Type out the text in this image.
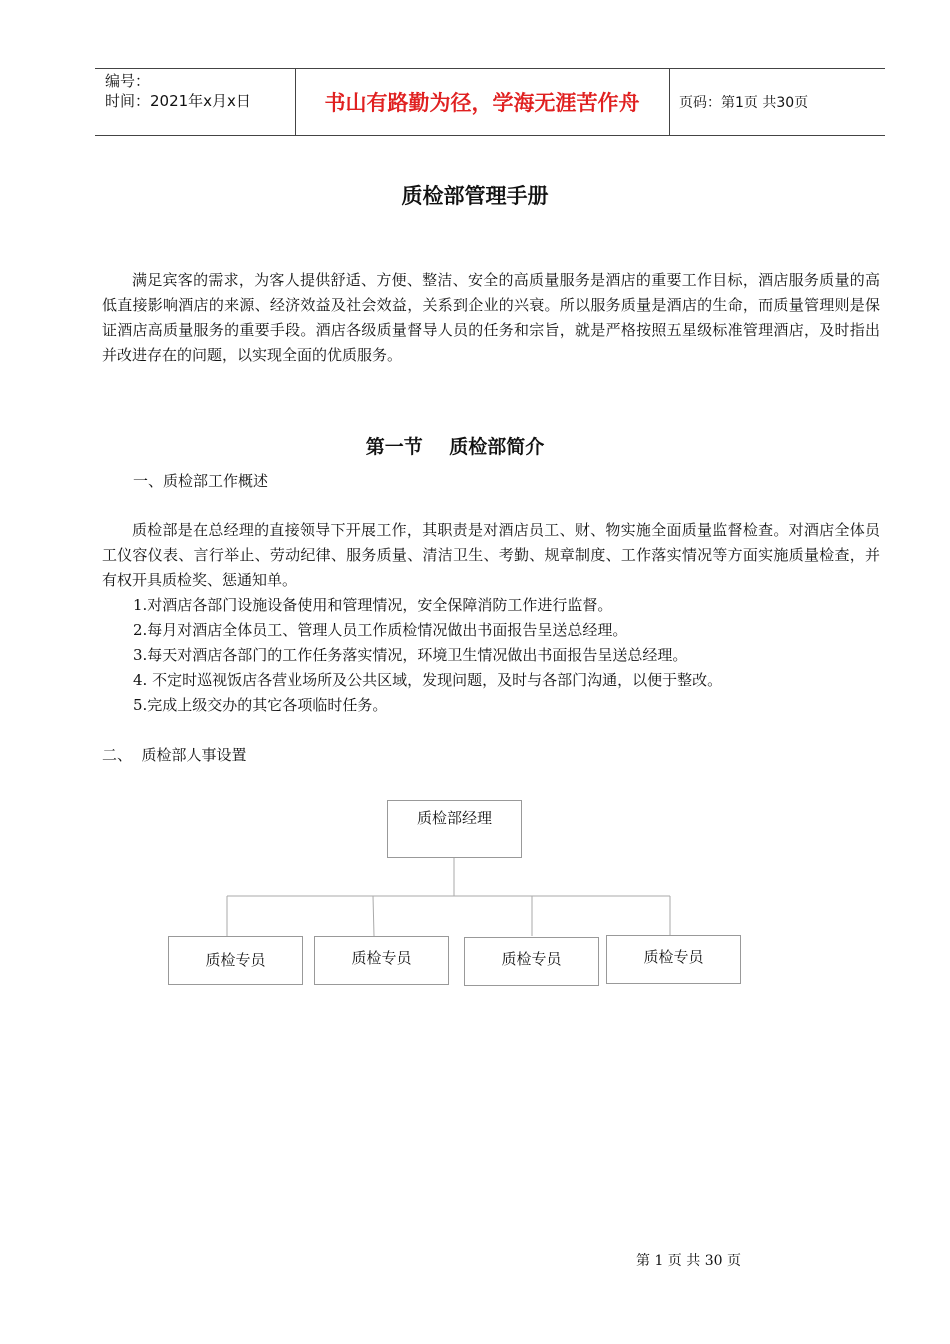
编号：
时间：2021年x月x日	书山有路勤为径，学海无涯苦作舟	页码：第1页 共30页
质检部管理手册

满足宾客的需求，为客人提供舒适、方便、整洁、安全的高质量服务是酒店的重要工作目标，酒店服务质量的高低直接影响酒店的来源、经济效益及社会效益，关系到企业的兴衰。所以服务质量是酒店的生命，而质量管理则是保证酒店高质量服务的重要手段。酒店各级质量督导人员的任务和宗旨，就是严格按照五星级标准管理酒店，及时指出并改进存在的问题，以实现全面的优质服务。

第一节    质检部简介
一、质检部工作概述

质检部是在总经理的直接领导下开展工作，其职责是对酒店员工、财、物实施全面质量监督检查。对酒店全体员工仪容仪表、言行举止、劳动纪律、服务质量、清洁卫生、考勤、规章制度、工作落实情况等方面实施质量检查，并有权开具质检奖、惩通知单。

1.对酒店各部门设施设备使用和管理情况，安全保障消防工作进行监督。
2.每月对酒店全体员工、管理人员工作质检情况做出书面报告呈送总经理。
3.每天对酒店各部门的工作任务落实情况，环境卫生情况做出书面报告呈送总经理。
4. 不定时巡视饭店各营业场所及公共区域，发现问题，及时与各部门沟通，以便于整改。
5.完成上级交办的其它各项临时任务。
二、  质检部人事设置
质检部经理
质检专员	质检专员	质检专员	质检专员
第 1 页 共 30 页
